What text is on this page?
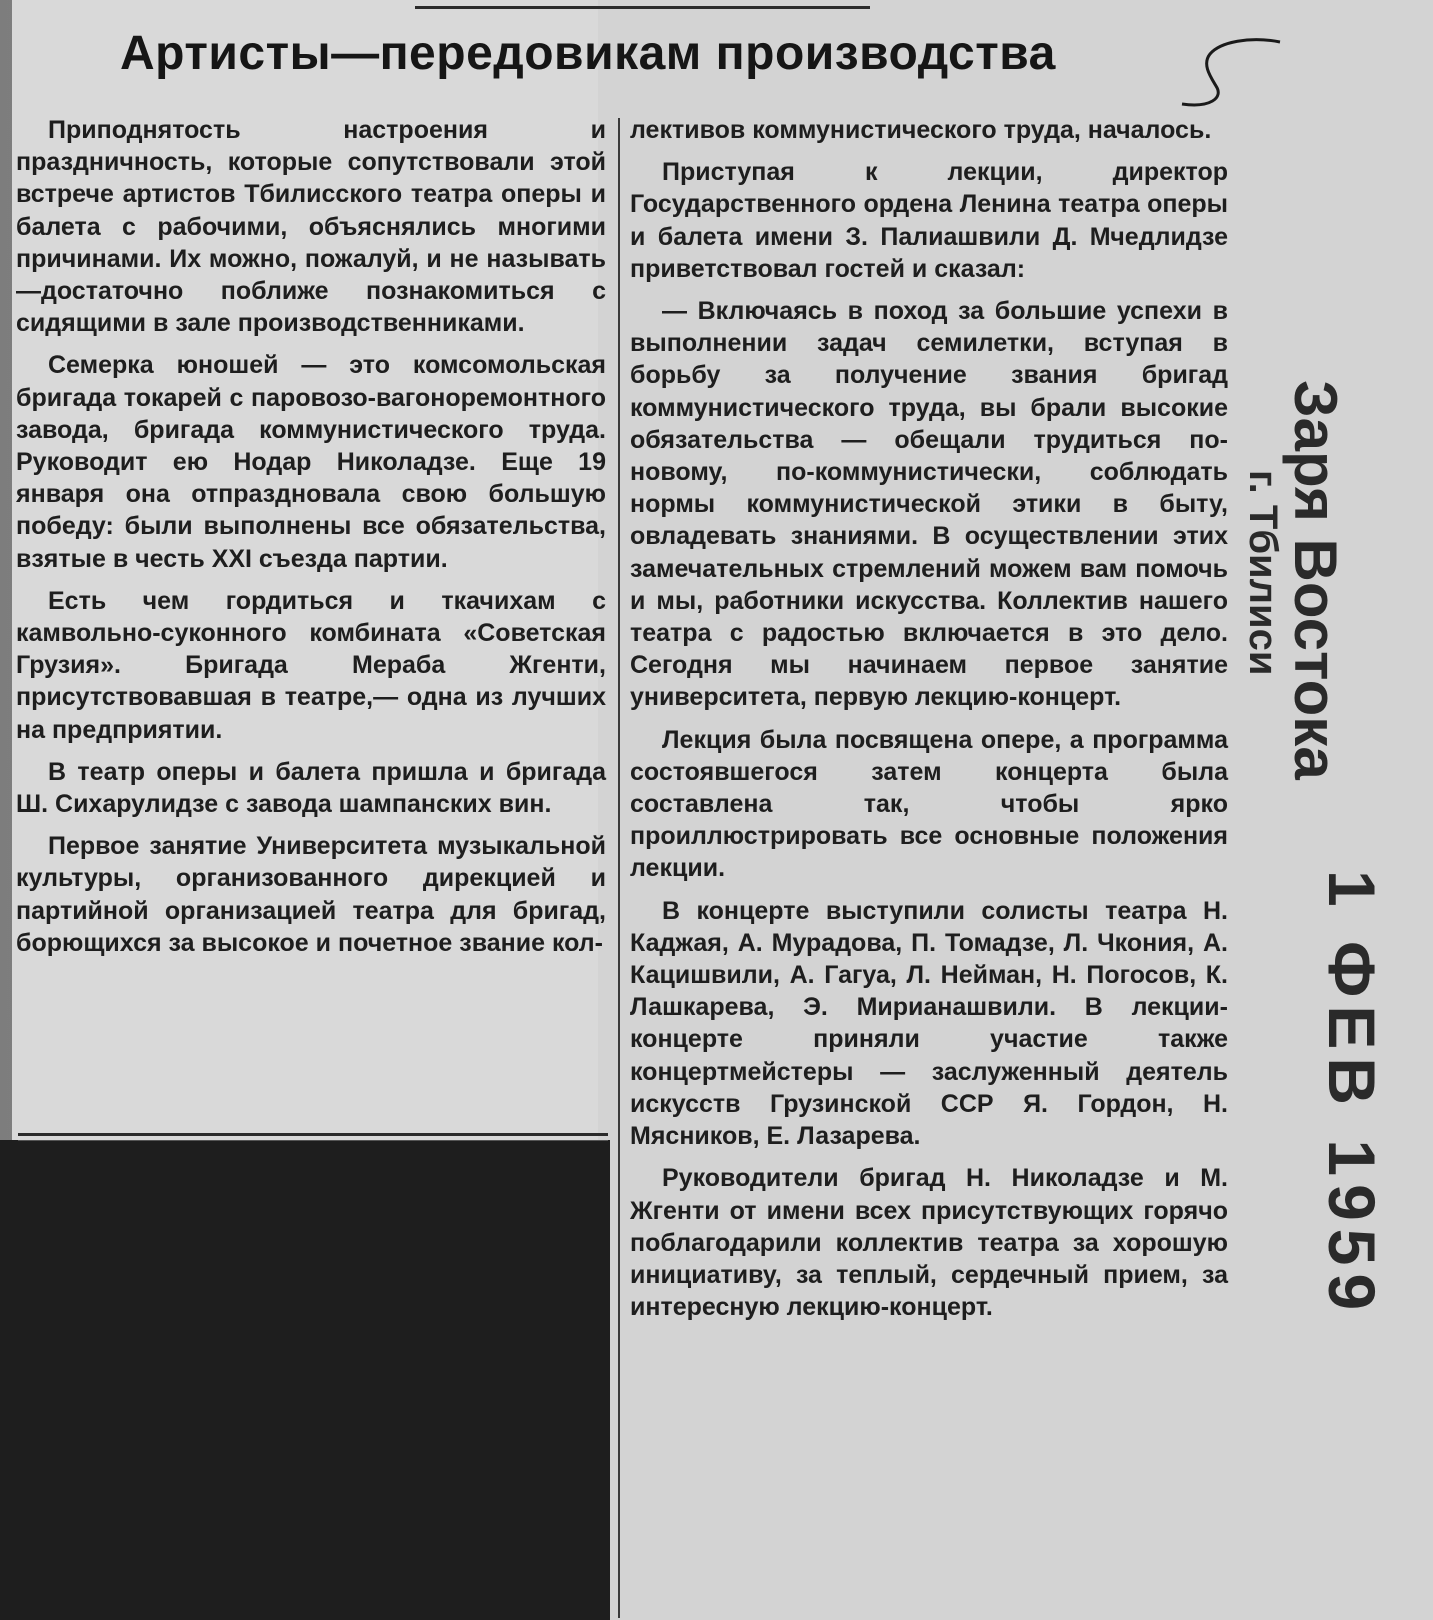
Артисты—передовикам производства

Приподнятость настроения и праздничность, которые сопутствовали этой встрече артистов Тбилисского театра оперы и балета с рабочими, объяснялись многими причинами. Их можно, пожалуй, и не называть—достаточно поближе познакомиться с сидящими в зале производственниками.

Семерка юношей — это комсомольская бригада токарей с паровозо-вагоноремонтного завода, бригада коммунистического труда. Руководит ею Нодар Николадзе. Еще 19 января она отпраздновала свою большую победу: были выполнены все обязательства, взятые в честь XXI съезда партии.

Есть чем гордиться и ткачихам с камвольно-суконного комбината «Советская Грузия». Бригада Мераба Жгенти, присутствовавшая в театре,— одна из лучших на предприятии.

В театр оперы и балета пришла и бригада Ш. Сихарулидзе с завода шампанских вин.

Первое занятие Университета музыкальной культуры, организованного дирекцией и партийной организацией театра для бригад, борющихся за высокое и почетное звание кол-

лективов коммунистического труда, началось.

Приступая к лекции, директор Государственного ордена Ленина театра оперы и балета имени З. Палиашвили Д. Мчедлидзе приветствовал гостей и сказал:

— Включаясь в поход за большие успехи в выполнении задач семилетки, вступая в борьбу за получение звания бригад коммунистического труда, вы брали высокие обязательства — обещали трудиться по-новому, по-коммунистически, соблюдать нормы коммунистической этики в быту, овладевать знаниями. В осуществлении этих замечательных стремлений можем вам помочь и мы, работники искусства. Коллектив нашего театра с радостью включается в это дело. Сегодня мы начинаем первое занятие университета, первую лекцию-концерт.

Лекция была посвящена опере, а программа состоявшегося затем концерта была составлена так, чтобы ярко проиллюстрировать все основные положения лекции.

В концерте выступили солисты театра Н. Каджая, А. Мурадова, П. Томадзе, Л. Чкония, А. Кацишвили, А. Гагуа, Л. Нейман, Н. Погосов, К. Лашкарева, Э. Мирианашвили. В лекции-концерте приняли участие также концертмейстеры — заслуженный деятель искусств Грузинской ССР Я. Гордон, Н. Мясников, Е. Лазарева.

Руководители бригад Н. Николадзе и М. Жгенти от имени всех присутствующих горячо поблагодарили коллектив театра за хорошую инициативу, за теплый, сердечный прием, за интересную лекцию-концерт.

Заря Востока
г. Тбилиси
1 ФЕВ 1959
